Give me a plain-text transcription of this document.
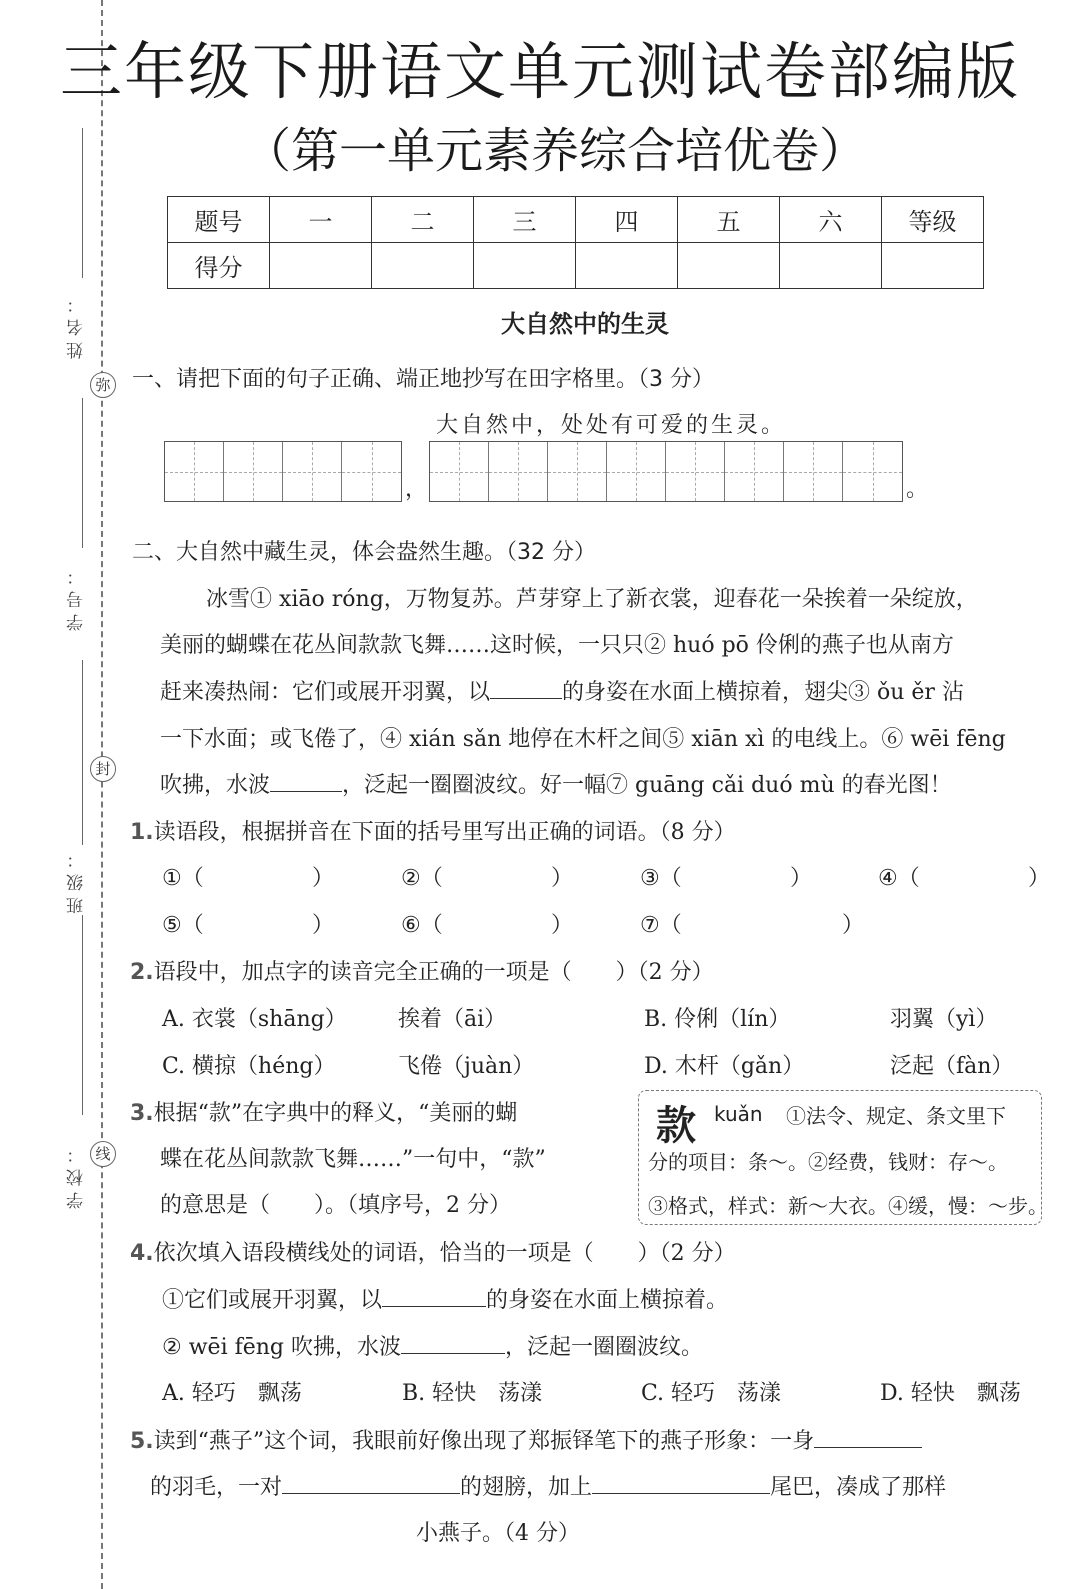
姓名：
学号：
班级：
学校：
弥
封
线
三年级下册语文单元测试卷部编版
（第一单元素养综合培优卷）
题号	一	二	三	四	五	六	等级
得分							
大自然中的生灵
一、请把下面的句子正确、端正地抄写在田字格里。（3 分）
大自然中，处处有可爱的生灵。
，	。
二、大自然中藏生灵，体会盎然生趣。（32 分）
冰雪① xiāo róng，万物复苏。芦芽穿上了新衣裳，迎春花一朵挨着一朵绽放，
美丽的蝴蝶在花丛间款款飞舞……这时候，一只只② huó pō 伶俐的燕子也从南方
赶来凑热闹：它们或展开羽翼，以	的身姿在水面上横掠着，翅尖③ ǒu ěr 沾
一下水面；或飞倦了，④ xián sǎn 地停在木杆之间⑤ xiān xì 的电线上。⑥ wēi fēng
吹拂，水波	，泛起一圈圈波纹。好一幅⑦ guāng cǎi duó mù 的春光图！
1.读语段，根据拼音在下面的括号里写出正确的词语。（8 分）
①（	）	②（	）	③（	）	④（	）
⑤（	）	⑥（	）	⑦（	）
2.语段中，加点字的读音完全正确的一项是（　　）（2 分）
A. 衣裳（shāng） 挨着（āi）	B. 伶俐（lín）	羽翼（yì）
C. 横掠（héng）	飞倦（juàn）	D. 木杆（gǎn）	泛起（fàn）
3.根据“款”在字典中的释义，“美丽的蝴
蝶在花丛间款款飞舞……”一句中，“款”
的意思是（　　）。（填序号，2 分）
款 kuǎn ①法令、规定、条文里下
分的项目：条～。②经费，钱财：存～。
③格式，样式：新～大衣。④缓，慢：～步。
4.依次填入语段横线处的词语，恰当的一项是（　　）（2 分）
①它们或展开羽翼，以	的身姿在水面上横掠着。
② wēi fēng 吹拂，水波	，泛起一圈圈波纹。
A. 轻巧　飘荡	B. 轻快　荡漾	C. 轻巧　荡漾	D. 轻快　飘荡
5.读到“燕子”这个词，我眼前好像出现了郑振铎笔下的燕子形象：一身
的羽毛，一对	的翅膀，加上	尾巴，凑成了那样
小燕子。（4 分）
